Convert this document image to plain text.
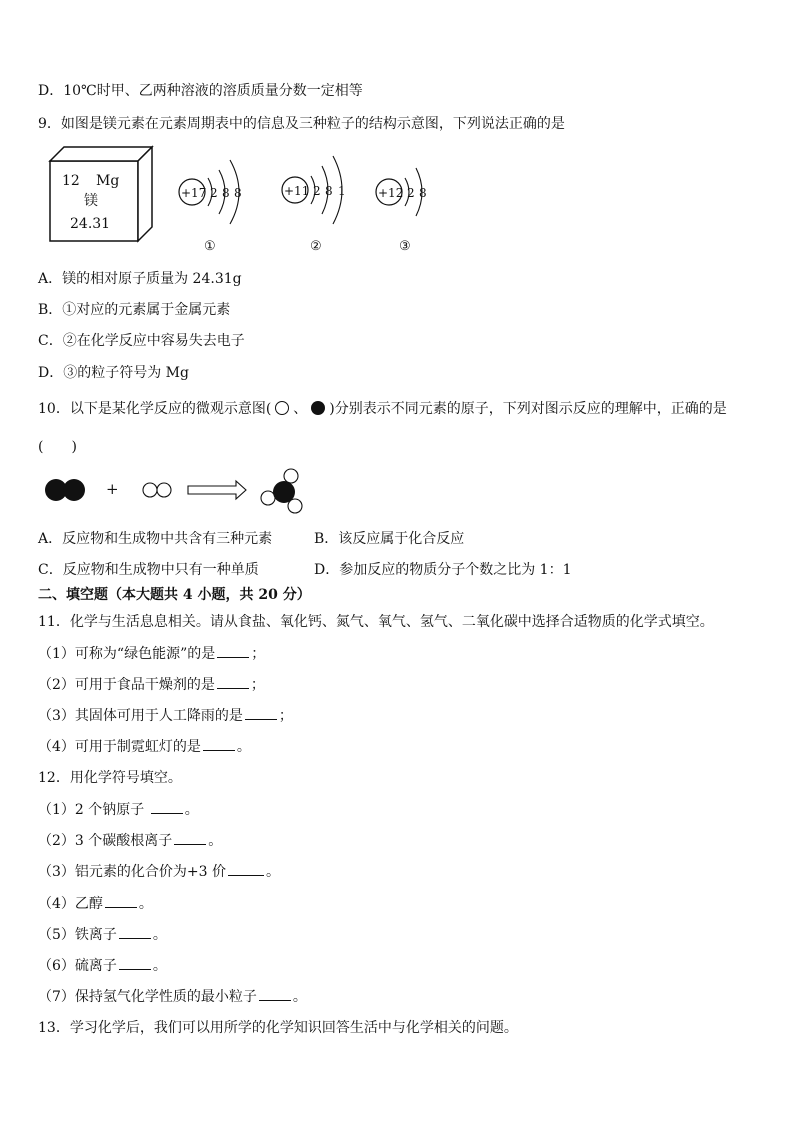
D．10℃时甲、乙两种溶液的溶质质量分数一定相等
9．如图是镁元素在元素周期表中的信息及三种粒子的结构示意图，下列说法正确的是
12 Mg
镁
24.31
+17 2 8 8
①
+11 2 8 1
②
+12 2 8
③
A．镁的相对原子质量为 24.31g
B．①对应的元素属于金属元素
C．②在化学反应中容易失去电子
D．③的粒子符号为 Mg
10．以下是某化学反应的微观示意图( 、 )分别表示不同元素的原子，下列对图示反应的理解中，正确的是
(　　)
+
A．反应物和生成物中共含有三种元素	B．该反应属于化合反应
C．反应物和生成物中只有一种单质	D．参加反应的物质分子个数之比为 1：1
二、填空题（本大题共 4 小题，共 20 分）
11．化学与生活息息相关。请从食盐、氧化钙、氮气、氧气、氢气、二氧化碳中选择合适物质的化学式填空。
（1）可称为“绿色能源”的是	；
（2）可用于食品干燥剂的是	；
（3）其固体可用于人工降雨的是	；
（4）可用于制霓虹灯的是	。
12．用化学符号填空。
（1）2 个钠原子	。
（2）3 个碳酸根离子	。
（3）铝元素的化合价为+3 价	。
（4）乙醇	。
（5）铁离子	。
（6）硫离子	。
（7）保持氢气化学性质的最小粒子	。
13．学习化学后，我们可以用所学的化学知识回答生活中与化学相关的问题。
